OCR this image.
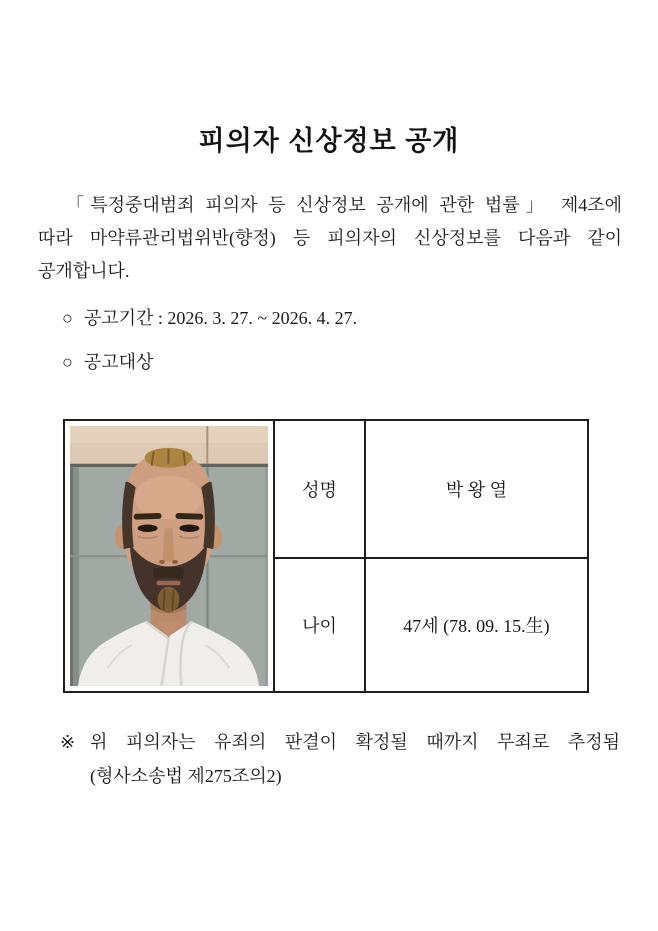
피의자 신상정보 공개
「특정중대범죄 피의자 등 신상정보 공개에 관한 법률」 제4조에
따라 마약류관리법위반(향정) 등 피의자의 신상정보를 다음과 같이
공개합니다.
○ 공고기간 : 2026. 3. 27. ~ 2026. 4. 27.
○ 공고대상
	성명	박 왕 열
	나이	47세 (78. 09. 15.生)
※ 위 피의자는 유죄의 판결이 확정될 때까지 무죄로 추정됨
(형사소송법 제275조의2)
